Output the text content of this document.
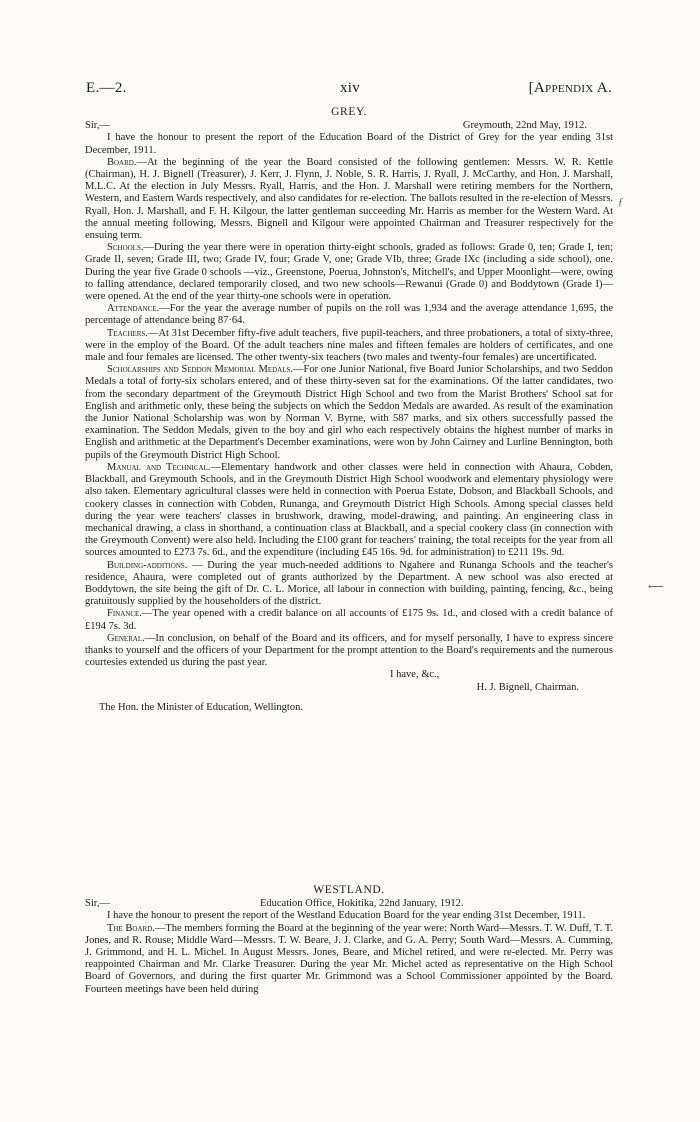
E.—2.	xiv	[Appendix A.
GREY.
Sir,—	Greymouth, 22nd May, 1912.

I have the honour to present the report of the Education Board of the District of Grey for the year ending 31st December, 1911.

Board.—At the beginning of the year the Board consisted of the following gentlemen: Messrs. W. R. Kettle (Chairman), H. J. Bignell (Treasurer), J. Kerr, J. Flynn, J. Noble, S. R. Harris, J. Ryall, J. McCarthy, and Hon. J. Marshall, M.L.C. At the election in July Messrs. Ryall, Harris, and the Hon. J. Marshall were retiring members for the Northern, Western, and Eastern Wards respectively, and also candidates for re-election. The ballots resulted in the re-election of Messrs. Ryall, Hon. J. Marshall, and F. H. Kilgour, the latter gentleman succeeding Mr. Harris as member for the Western Ward. At the annual meeting following, Messrs. Bignell and Kilgour were appointed Chairman and Treasurer respectively for the ensuing term.

Schools.—During the year there were in operation thirty-eight schools, graded as follows: Grade 0, ten; Grade I, ten; Grade II, seven; Grade III, two; Grade IV, four; Grade V, one; Grade VIb, three; Grade IXc (including a side school), one. During the year five Grade 0 schools —viz., Greenstone, Poerua, Johnston's, Mitchell's, and Upper Moonlight—were, owing to falling attendance, declared temporarily closed, and two new schools—Rewanui (Grade 0) and Boddytown (Grade I)—were opened. At the end of the year thirty-one schools were in operation.

Attendance.—For the year the average number of pupils on the roll was 1,934 and the average attendance 1,695, the percentage of attendance being 87·64.

Teachers.—At 31st December fifty-five adult teachers, five pupil-teachers, and three probationers, a total of sixty-three, were in the employ of the Board. Of the adult teachers nine males and fifteen females are holders of certificates, and one male and four females are licensed. The other twenty-six teachers (two males and twenty-four females) are uncertificated.

Scholarships and Seddon Memorial Medals.—For one Junior National, five Board Junior Scholarships, and two Seddon Medals a total of forty-six scholars entered, and of these thirty-seven sat for the examinations. Of the latter candidates, two from the secondary department of the Greymouth District High School and two from the Marist Brothers' School sat for English and arithmetic only, these being the subjects on which the Seddon Medals are awarded. As result of the examination the Junior National Scholarship was won by Norman V. Byrne, with 587 marks, and six others successfully passed the examination. The Seddon Medals, given to the boy and girl who each respectively obtains the highest number of marks in English and arithmetic at the Department's December examinations, were won by John Cairney and Lurline Bennington, both pupils of the Greymouth District High School.

Manual and Technical.—Elementary handwork and other classes were held in connection with Ahaura, Cobden, Blackball, and Greymouth Schools, and in the Greymouth District High School woodwork and elementary physiology were also taken. Elementary agricultural classes were held in connection with Poerua Estate, Dobson, and Blackball Schools, and cookery classes in connection with Cobden, Runanga, and Greymouth District High Schools. Among special classes held during the year were teachers' classes in brushwork, drawing, model-drawing, and painting. An engineering class in mechanical drawing, a class in shorthand, a continuation class at Blackball, and a special cookery class (in connection with the Greymouth Convent) were also held. Including the £100 grant for teachers' training, the total receipts for the year from all sources amounted to £273 7s. 6d., and the expenditure (including £45 16s. 9d. for administration) to £211 19s. 9d.

Building-additions. — During the year much-needed additions to Ngahere and Runanga Schools and the teacher's residence, Ahaura, were completed out of grants authorized by the Department. A new school was also erected at Boddytown, the site being the gift of Dr. C. L. Morice, all labour in connection with building, painting, fencing, &c., being gratuitously supplied by the householders of the district.

Finance.—The year opened with a credit balance on all accounts of £175 9s. 1d., and closed with a credit balance of £194 7s. 3d.

General.—In conclusion, on behalf of the Board and its officers, and for myself personally, I have to express sincere thanks to yourself and the officers of your Department for the prompt attention to the Board's requirements and the numerous courtesies extended us during the past year.

I have, &c.,
H. J. Bignell, Chairman.
The Hon. the Minister of Education, Wellington.
WESTLAND.
Sir,—	Education Office, Hokitika, 22nd January, 1912.

I have the honour to present the report of the Westland Education Board for the year ending 31st December, 1911.

The Board.—The members forming the Board at the beginning of the year were: North Ward—Messrs. T. W. Duff, T. T. Jones, and R. Rouse; Middle Ward—Messrs. T. W. Beare, J. J. Clarke, and G. A. Perry; South Ward—Messrs. A. Cumming, J. Grimmond, and H. L. Michel. In August Messrs. Jones, Beare, and Michel retired, and were re-elected. Mr. Perry was reappointed Chairman and Mr. Clarke Treasurer. During the year Mr. Michel acted as representative on the High School Board of Governors, and during the first quarter Mr. Grimmond was a School Commissioner appointed by the Board. Fourteen meetings have been held during

ƒ
⟵
